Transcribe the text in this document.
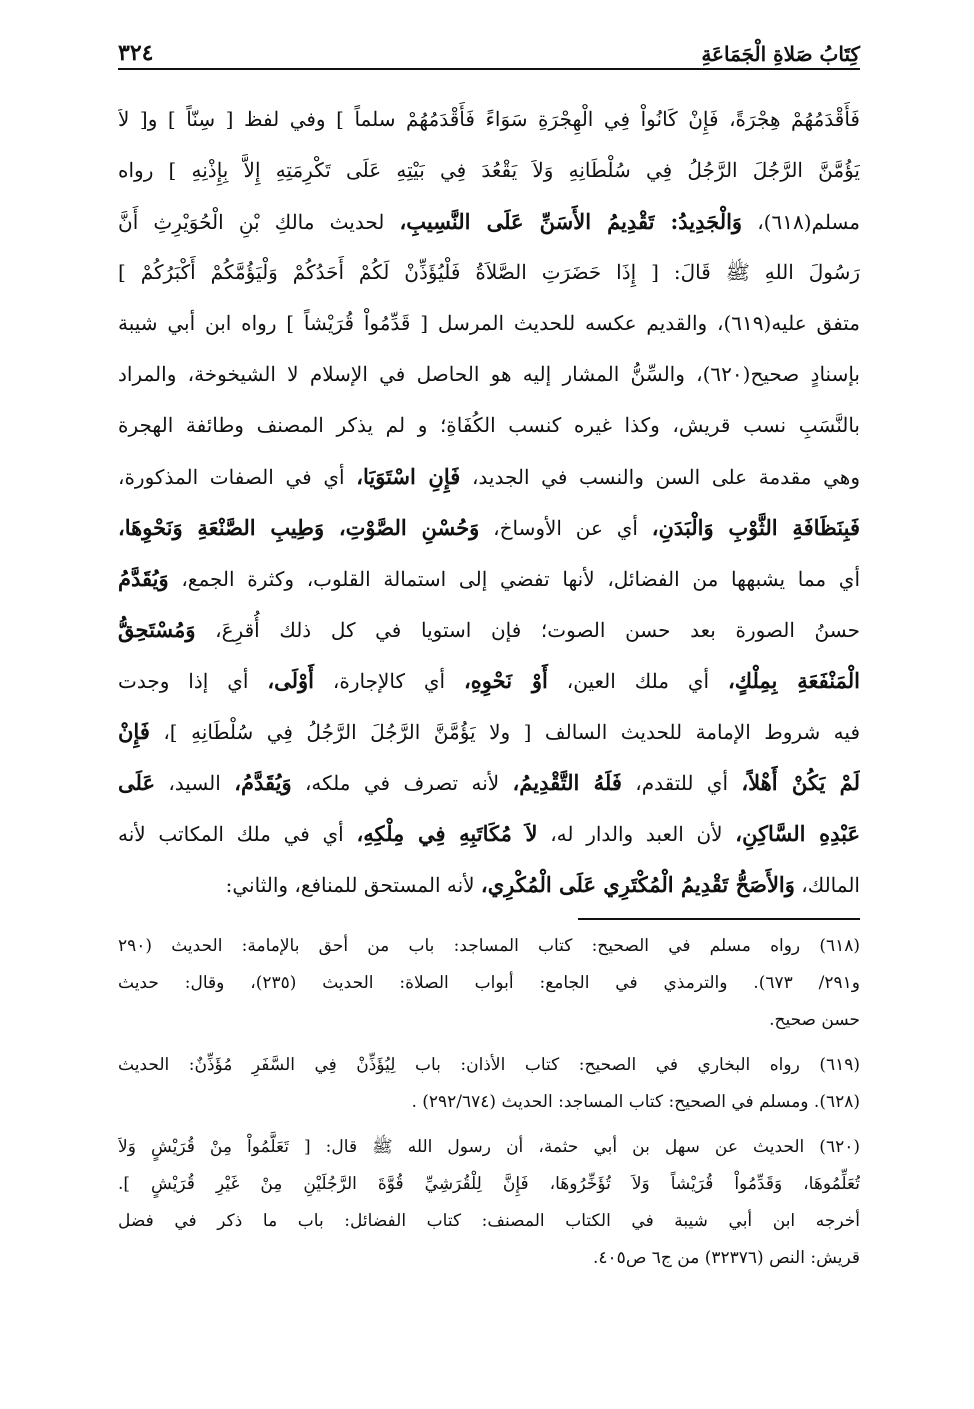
كِتَابُ صَلاةِ الْجَمَاعَةِ
٣٢٤
فَأَقْدَمُهُمْ هِجْرَةً، فَإِنْ كَانُواْ فِي الْهِجْرَةِ سَوَاءً فَأَقْدَمُهُمْ سلماً ] وفي لفظ [ سِنّاً ] و[ لاَ
يَؤُمَّنَّ الرَّجُلَ الرَّجُلُ فِي سُلْطَانِهِ وَلاَ يَقْعُدَ فِي بَيْتِهِ عَلَى تَكْرِمَتِهِ إِلاَّ بِإِذْنِهِ ] رواه
مسلم(٦١٨)، وَالْجَدِيدُ: تَقْدِيمُ الأَسَنِّ عَلَى النَّسِيبِ، لحديث مالكِ بْنِ الْحُوَيْرِثِ أَنَّ
رَسُولَ اللهِ ﷺ قَالَ: [ إِذَا حَضَرَتِ الصَّلاَةُ فَلْيُؤَذِّنْ لَكُمْ أَحَدُكُمْ وَلْيَؤُمَّكُمْ أَكْبَرُكُمْ ]
متفق عليه(٦١٩)، والقديم عكسه للحديث المرسل [ قَدِّمُواْ قُرَيْشاً ] رواه ابن أبي شيبة
بإسنادٍ صحيح(٦٢٠)، والسِّنُّ المشار إليه هو الحاصل في الإسلام لا الشيخوخة، والمراد
بالنَّسَبِ نسب قريش، وكذا غيره كنسب الكُفَاةِ؛ و لم يذكر المصنف وطائفة الهجرة
وهي مقدمة على السن والنسب في الجديد، فَإِنِ اسْتَوَيَا، أي في الصفات المذكورة،
فَبِنَظَافَةِ الثَّوْبِ وَالْبَدَنِ، أي عن الأوساخ، وَحُسْنِ الصَّوْتِ، وَطِيبِ الصَّنْعَةِ وَنَحْوِهَا،
أي مما يشبهها من الفضائل، لأنها تفضي إلى استمالة القلوب، وكثرة الجمع، وَيُقَدَّمُ
حسنُ الصورة بعد حسن الصوت؛ فإن استويا في كل ذلك أُقرِعَ، وَمُسْتَحِقُّ
الْمَنْفَعَةِ بِمِلْكٍ، أي ملك العين، أَوْ نَحْوِهِ، أي كالإجارة، أَوْلَى، أي إذا وجدت
فيه شروط الإمامة للحديث السالف [ ولا يَؤُمَّنَّ الرَّجُلَ الرَّجُلُ فِي سُلْطَانِهِ ]، فَإِنْ
لَمْ يَكُنْ أَهْلاً، أي للتقدم، فَلَهُ التَّقْدِيمُ، لأنه تصرف في ملكه، وَيُقَدَّمُ، السيد، عَلَى
عَبْدِهِ السَّاكِنِ، لأن العبد والدار له، لاَ مُكَاتَبِهِ فِي مِلْكِهِ، أي في ملك المكاتب لأنه
المالك، وَالأَصَحُّ تَقْدِيمُ الْمُكْتَرِي عَلَى الْمُكْرِي، لأنه المستحق للمنافع، والثاني:
(٦١٨) رواه مسلم في الصحيح: كتاب المساجد: باب من أحق بالإمامة: الحديث (٢٩٠
و٢٩١/ ٦٧٣). والترمذي في الجامع: أبواب الصلاة: الحديث (٢٣٥)، وقال: حديث
حسن صحيح.
(٦١٩) رواه البخاري في الصحيح: كتاب الأذان: باب لِيُؤَذِّنْ فِي السَّفَرِ مُؤَذِّنٌ: الحديث
(٦٢٨). ومسلم في الصحيح: كتاب المساجد: الحديث (٢٩٢/٦٧٤) .
(٦٢٠) الحديث عن سهل بن أبي حثمة، أن رسول الله ﷺ قال: [ تَعَلَّمُواْ مِنْ قُرَيْشٍ وَلاَ
تُعَلِّمُوهَا، وَقَدِّمُواْ قُرَيْشاً وَلاَ تُؤَخِّرُوهَا، فَإِنَّ لِلْقُرَشِيِّ قُوَّةَ الرَّجُلَيْنِ مِنْ غَيْرِ قُرَيْشٍ ].
أخرجه ابن أبي شيبة في الكتاب المصنف: كتاب الفضائل: باب ما ذكر في فضل
قريش: النص (٣٢٣٧٦) من ج٦ ص٤٠٥.
